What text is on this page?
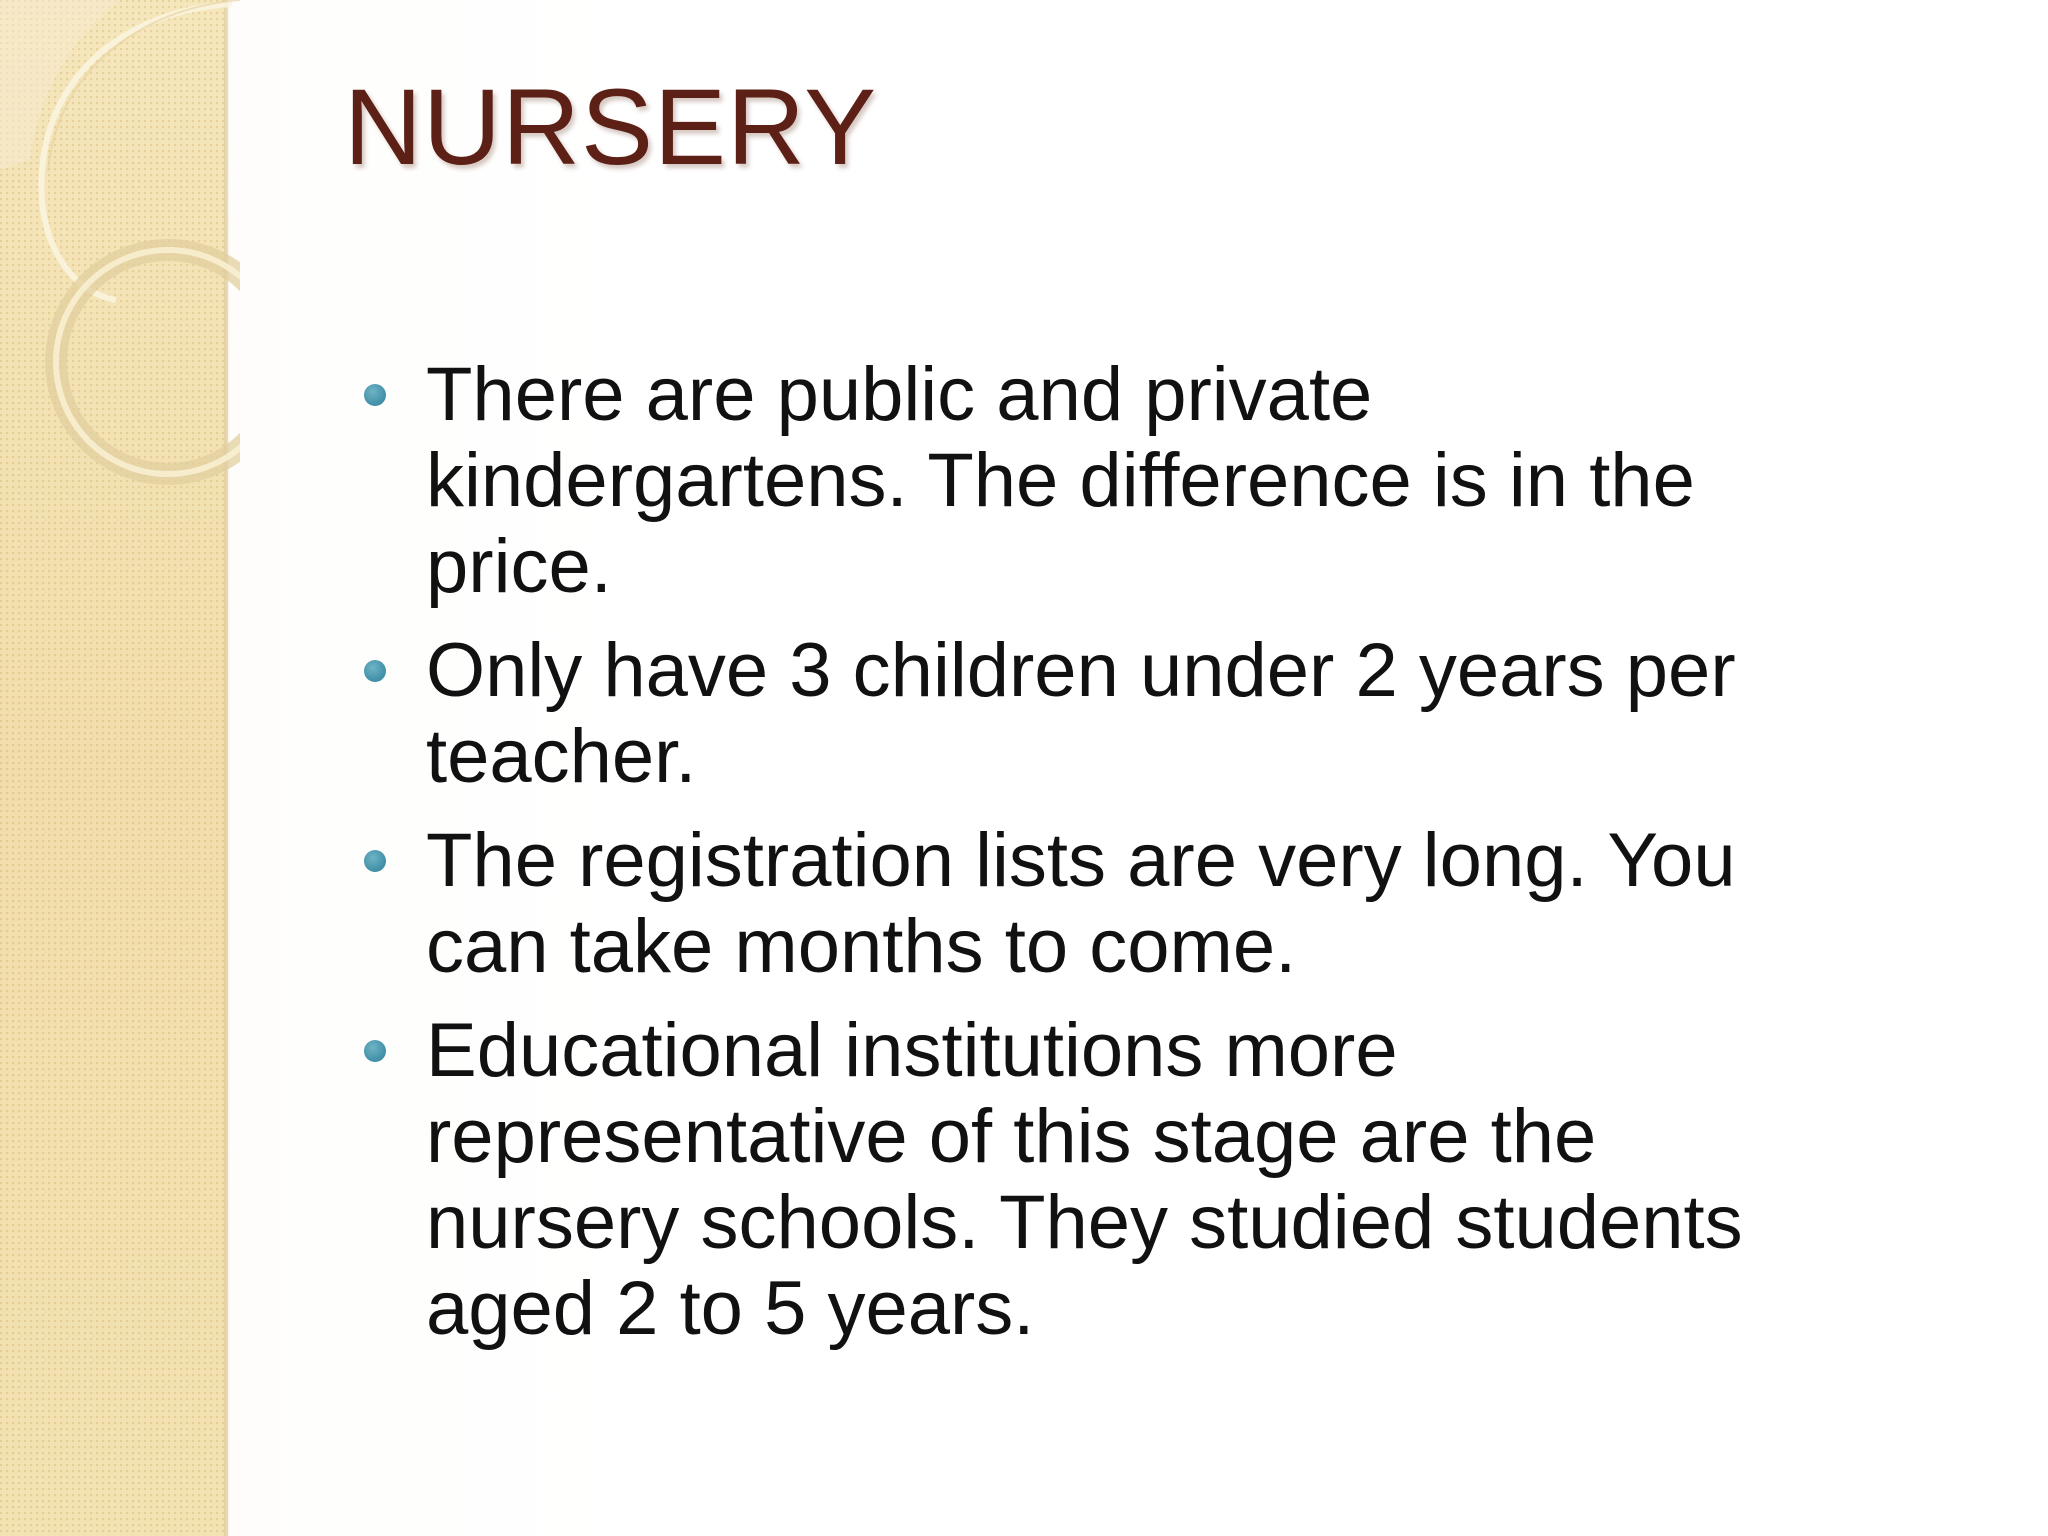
NURSERY
There are public and private kindergartens. The difference is in the price.
Only have 3 children under 2 years per teacher.
The registration lists are very long. You can take months to come.
Educational institutions more representative of this stage are the nursery schools. They studied students aged 2 to 5 years.
